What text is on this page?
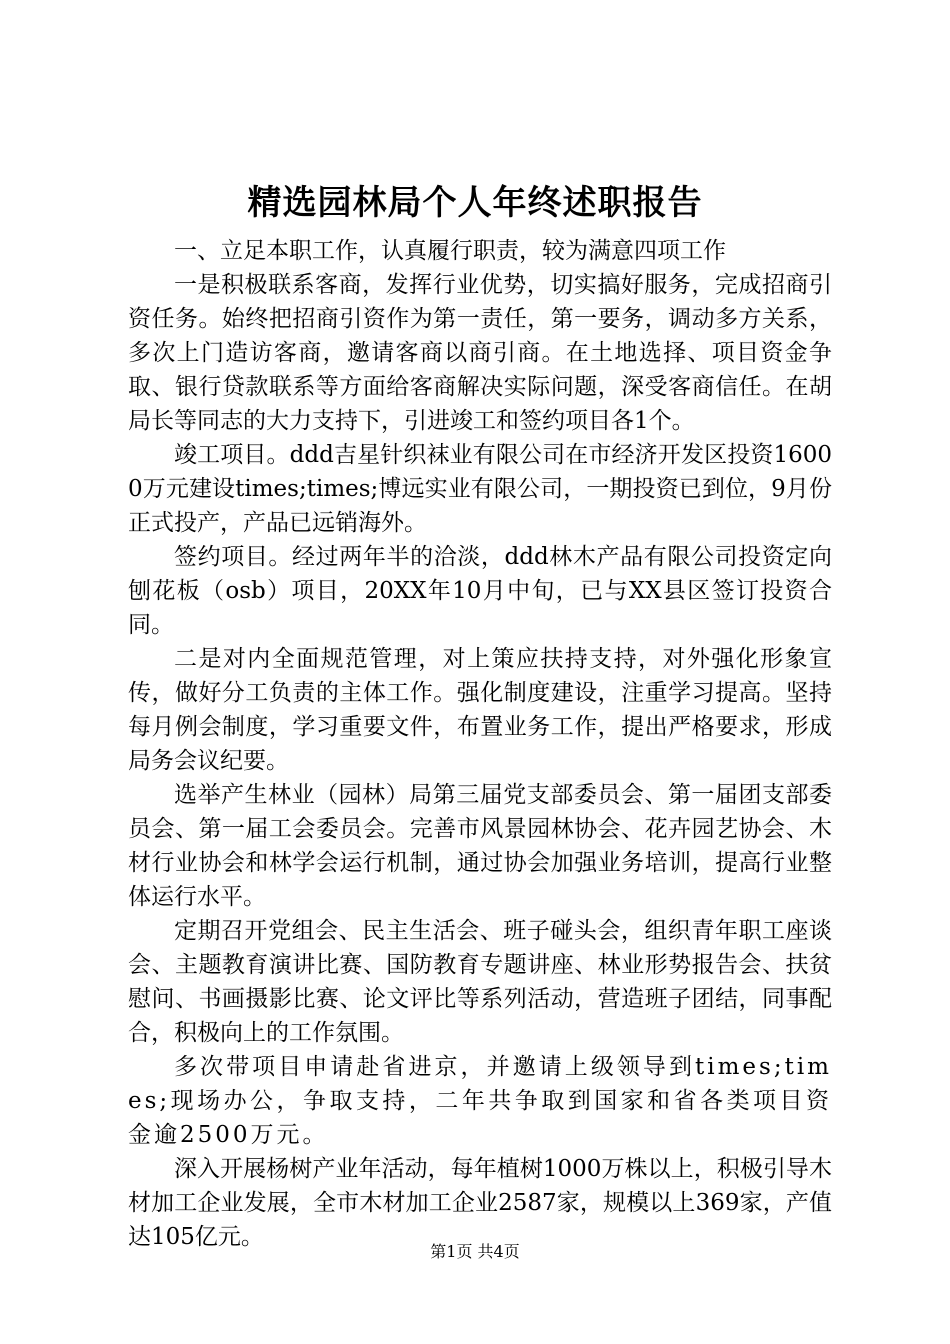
精选园林局个人年终述职报告

一、立足本职工作，认真履行职责，较为满意四项工作

一是积极联系客商，发挥行业优势，切实搞好服务，完成招商引资任务。始终把招商引资作为第一责任，第一要务，调动多方关系，多次上门造访客商，邀请客商以商引商。在土地选择、项目资金争取、银行贷款联系等方面给客商解决实际问题，深受客商信任。在胡局长等同志的大力支持下，引进竣工和签约项目各1个。

竣工项目。ddd吉星针织袜业有限公司在市经济开发区投资16000万元建设times;times;博远实业有限公司，一期投资已到位，9月份正式投产，产品已远销海外。

签约项目。经过两年半的洽淡，ddd林木产品有限公司投资定向刨花板（osb）项目，20XX年10月中旬，已与XX县区签订投资合同。

二是对内全面规范管理，对上策应扶持支持，对外强化形象宣传，做好分工负责的主体工作。强化制度建设，注重学习提高。坚持每月例会制度，学习重要文件，布置业务工作，提出严格要求，形成局务会议纪要。

选举产生林业（园林）局第三届党支部委员会、第一届团支部委员会、第一届工会委员会。完善市风景园林协会、花卉园艺协会、木材行业协会和林学会运行机制，通过协会加强业务培训，提高行业整体运行水平。

定期召开党组会、民主生活会、班子碰头会，组织青年职工座谈会、主题教育演讲比赛、国防教育专题讲座、林业形势报告会、扶贫慰问、书画摄影比赛、论文评比等系列活动，营造班子团结，同事配合，积极向上的工作氛围。

多次带项目申请赴省进京，并邀请上级领导到times;times;现场办公，争取支持，二年共争取到国家和省各类项目资金逾2500万元。

深入开展杨树产业年活动，每年植树1000万株以上，积极引导木材加工企业发展，全市木材加工企业2587家，规模以上369家，产值达105亿元。

第1页 共4页
